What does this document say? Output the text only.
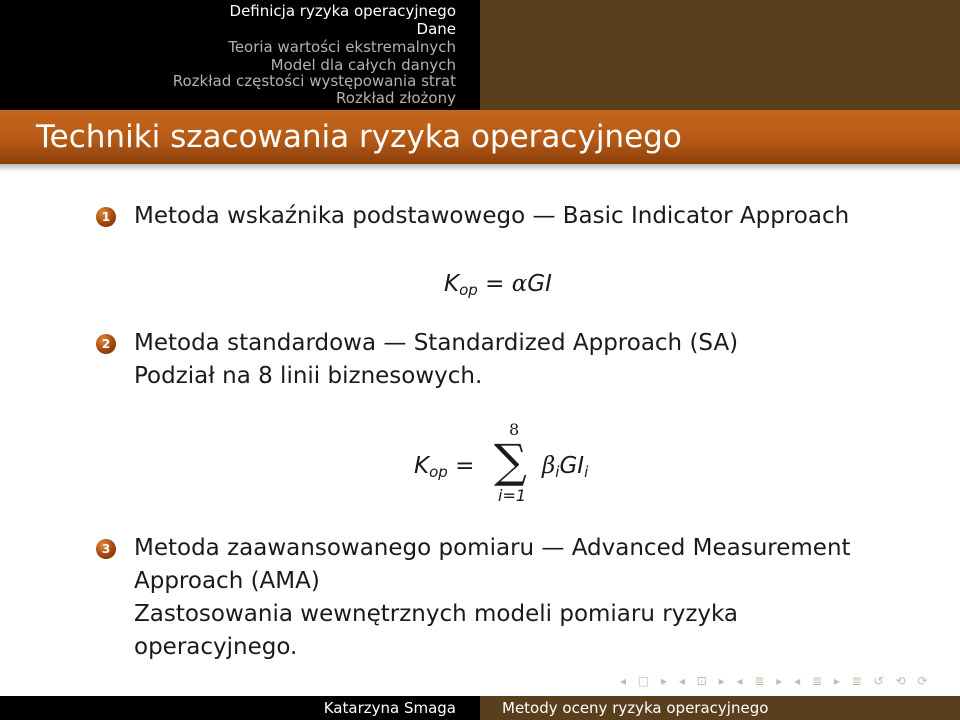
Definicja ryzyka operacyjnego
Dane
Teoria wartości ekstremalnych
Model dla całych danych
Rozkład częstości występowania strat
Rozkład złożony
Techniki szacowania ryzyka operacyjnego
1 Metoda wskaźnika podstawowego — Basic Indicator Approach
$K_{op} = \alpha GI$
2 Metoda standardowa — Standardized Approach (SA)
Podział na 8 linii biznesowych.
$K_{op}$ =
8
∑
i=1
$\beta_iGI_i$
3 Metoda zaawansowanego pomiaru — Advanced Measurement
Approach (AMA)
Zastosowania wewnętrznych modeli pomiaru ryzyka
operacyjnego.
◂ □ ▸ ◂ ⊡ ▸ ◂ ≣ ▸ ◂ ≣ ▸ ≣ ↺ ⟲ ⟳
Katarzyna Smaga	Metody oceny ryzyka operacyjnego
